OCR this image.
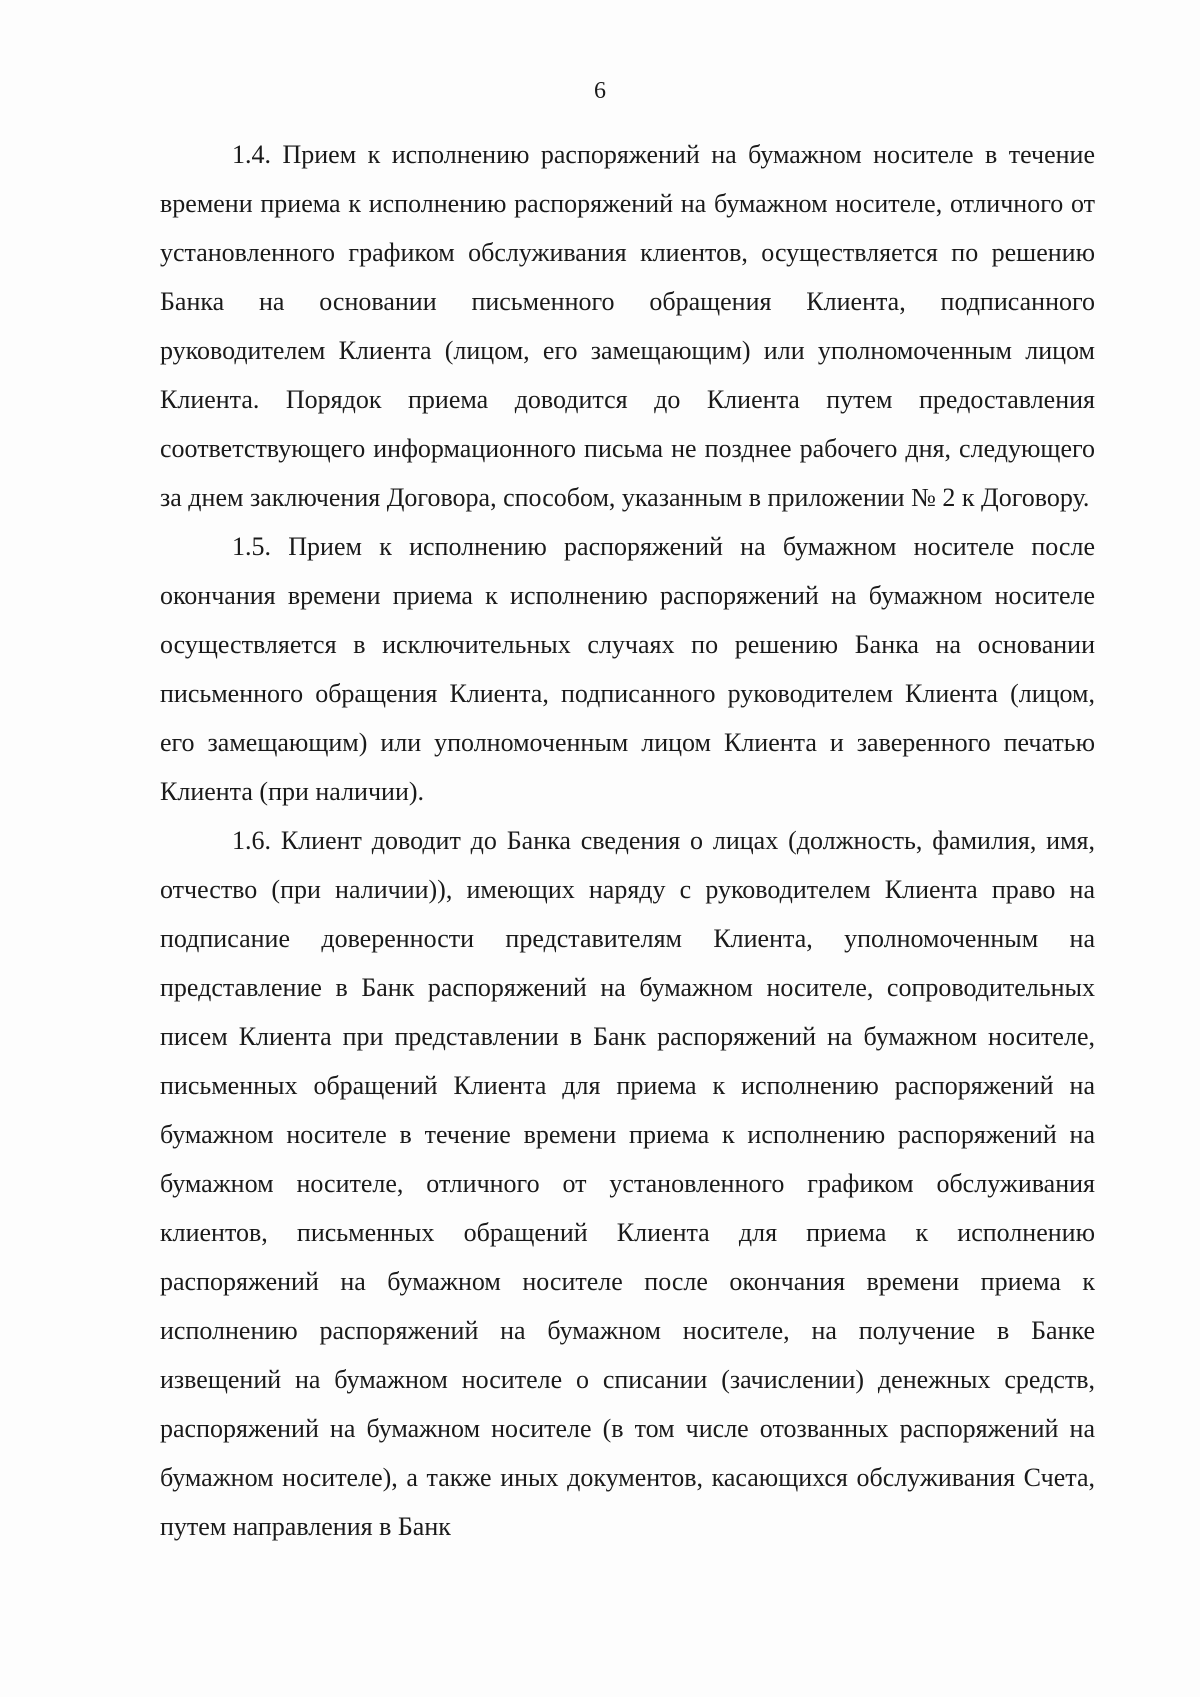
6

1.4. Прием к исполнению распоряжений на бумажном носителе в течение времени приема к исполнению распоряжений на бумажном носителе, отличного от установленного графиком обслуживания клиентов, осуществляется по решению Банка на основании письменного обращения Клиента, подписанного руководителем Клиента (лицом, его замещающим) или уполномоченным лицом Клиента. Порядок приема доводится до Клиента путем предоставления соответствующего информационного письма не позднее рабочего дня, следующего за днем заключения Договора, способом, указанным в приложении № 2 к Договору.

1.5. Прием к исполнению распоряжений на бумажном носителе после окончания времени приема к исполнению распоряжений на бумажном носителе осуществляется в исключительных случаях по решению Банка на основании письменного обращения Клиента, подписанного руководителем Клиента (лицом, его замещающим) или уполномоченным лицом Клиента и заверенного печатью Клиента (при наличии).

1.6. Клиент доводит до Банка сведения о лицах (должность, фамилия, имя, отчество (при наличии)), имеющих наряду с руководителем Клиента право на подписание доверенности представителям Клиента, уполномоченным на представление в Банк распоряжений на бумажном носителе, сопроводительных писем Клиента при представлении в Банк распоряжений на бумажном носителе, письменных обращений Клиента для приема к исполнению распоряжений на бумажном носителе в течение времени приема к исполнению распоряжений на бумажном носителе, отличного от установленного графиком обслуживания клиентов, письменных обращений Клиента для приема к исполнению распоряжений на бумажном носителе после окончания времени приема к исполнению распоряжений на бумажном носителе, на получение в Банке извещений на бумажном носителе о списании (зачислении) денежных средств, распоряжений на бумажном носителе (в том числе отозванных распоряжений на бумажном носителе), а также иных документов, касающихся обслуживания Счета, путем направления в Банк
